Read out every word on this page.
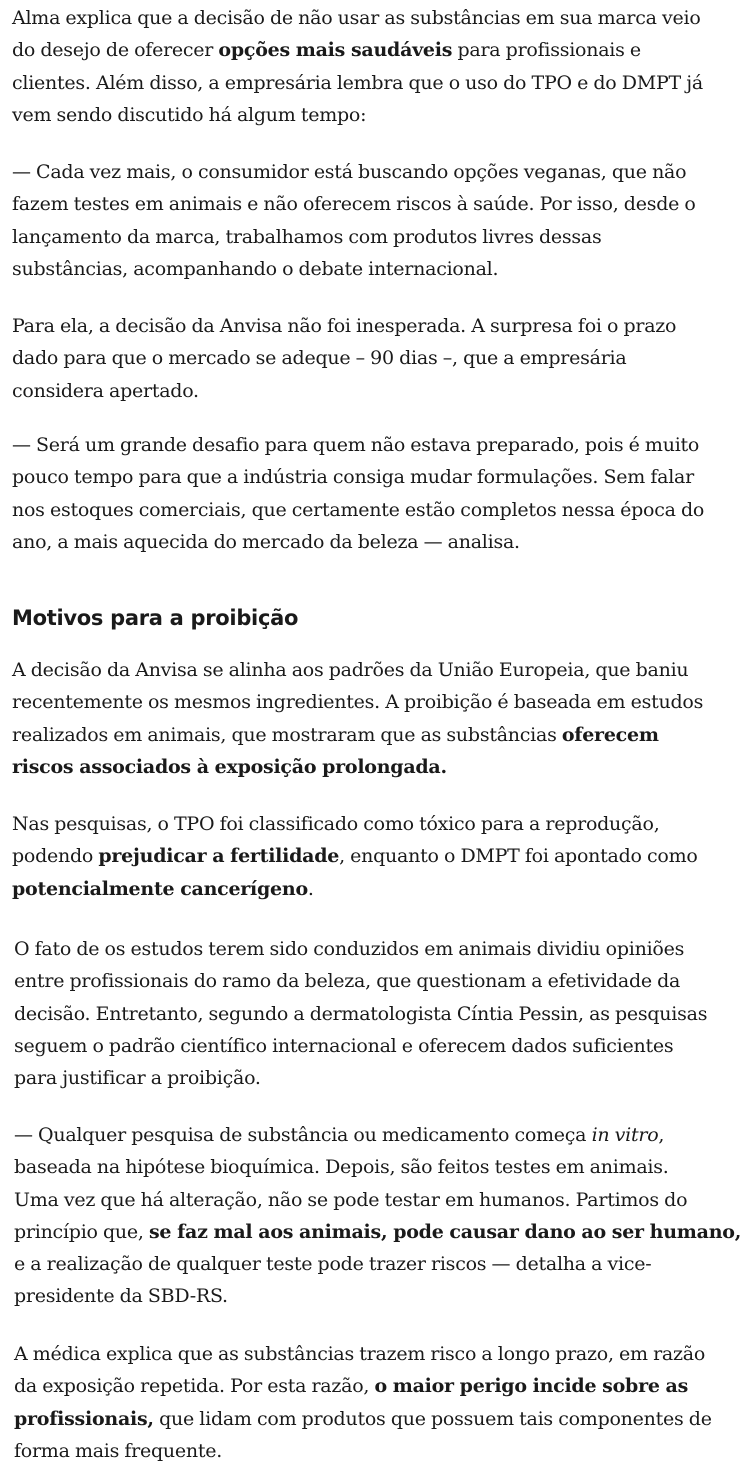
Alma explica que a decisão de não usar as substâncias em sua marca veio
do desejo de oferecer opções mais saudáveis para profissionais e
clientes. Além disso, a empresária lembra que o uso do TPO e do DMPT já
vem sendo discutido há algum tempo:

— Cada vez mais, o consumidor está buscando opções veganas, que não
fazem testes em animais e não oferecem riscos à saúde. Por isso, desde o
lançamento da marca, trabalhamos com produtos livres dessas
substâncias, acompanhando o debate internacional.

Para ela, a decisão da Anvisa não foi inesperada. A surpresa foi o prazo
dado para que o mercado se adeque – 90 dias –, que a empresária
considera apertado.

— Será um grande desafio para quem não estava preparado, pois é muito
pouco tempo para que a indústria consiga mudar formulações. Sem falar
nos estoques comerciais, que certamente estão completos nessa época do
ano, a mais aquecida do mercado da beleza — analisa.

Motivos para a proibição

A decisão da Anvisa se alinha aos padrões da União Europeia, que baniu
recentemente os mesmos ingredientes. A proibição é baseada em estudos
realizados em animais, que mostraram que as substâncias oferecem
riscos associados à exposição prolongada.

Nas pesquisas, o TPO foi classificado como tóxico para a reprodução,
podendo prejudicar a fertilidade, enquanto o DMPT foi apontado como
potencialmente cancerígeno.

O fato de os estudos terem sido conduzidos em animais dividiu opiniões
entre profissionais do ramo da beleza, que questionam a efetividade da
decisão. Entretanto, segundo a dermatologista Cíntia Pessin, as pesquisas
seguem o padrão científico internacional e oferecem dados suficientes
para justificar a proibição.

— Qualquer pesquisa de substância ou medicamento começa in vitro,
baseada na hipótese bioquímica. Depois, são feitos testes em animais.
Uma vez que há alteração, não se pode testar em humanos. Partimos do
princípio que, se faz mal aos animais, pode causar dano ao ser humano,
e a realização de qualquer teste pode trazer riscos — detalha a vice-
presidente da SBD-RS.

A médica explica que as substâncias trazem risco a longo prazo, em razão
da exposição repetida. Por esta razão, o maior perigo incide sobre as
profissionais, que lidam com produtos que possuem tais componentes de
forma mais frequente.
